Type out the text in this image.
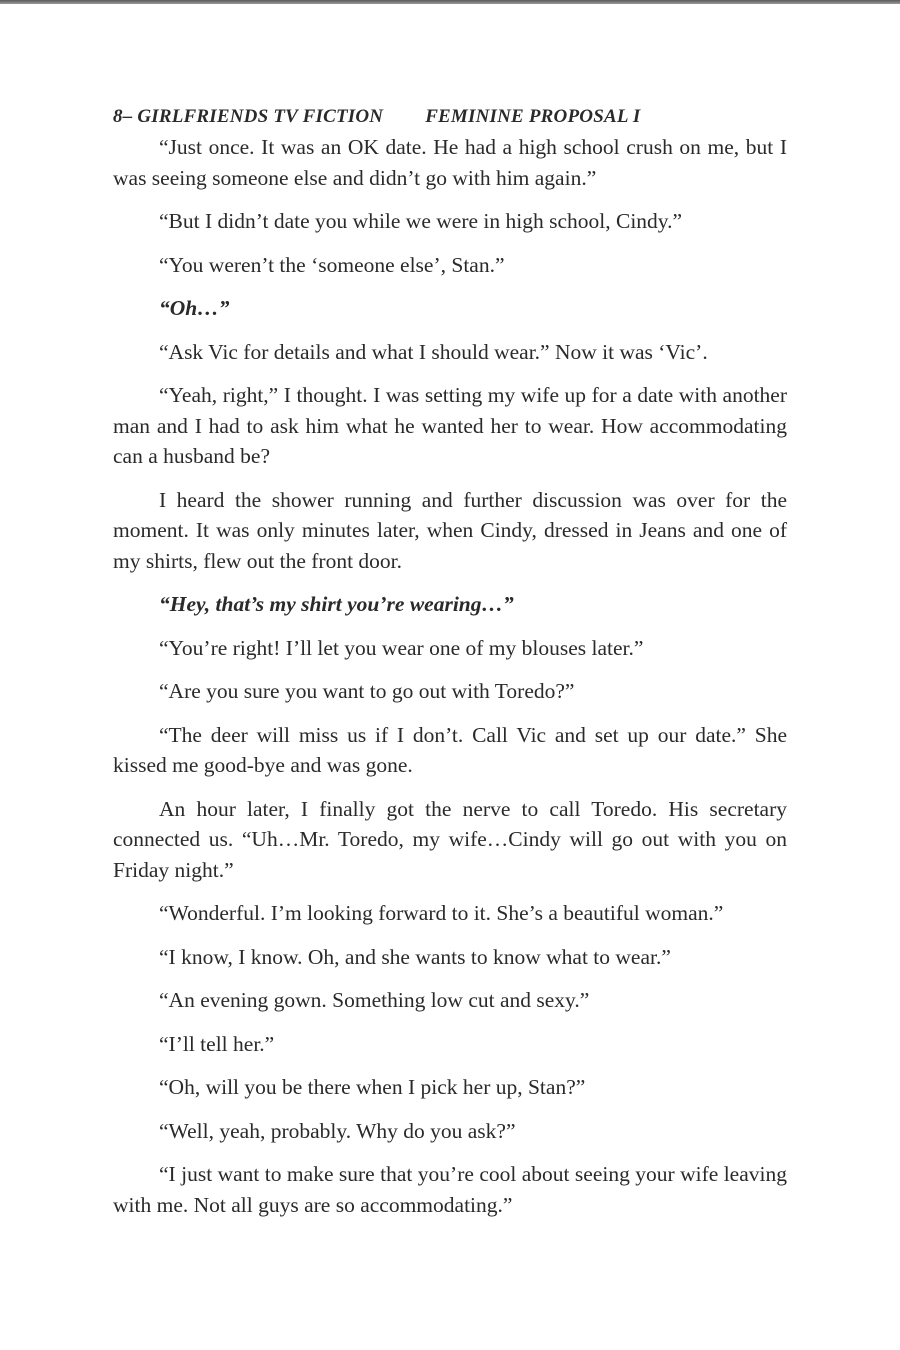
8– GIRLFRIENDS TV FICTION FEMININE PROPOSAL I

“Just once. It was an OK date. He had a high school crush on me, but I was seeing someone else and didn’t go with him again.”

“But I didn’t date you while we were in high school, Cindy.”

“You weren’t the ‘someone else’, Stan.”

“Oh…”

“Ask Vic for details and what I should wear.” Now it was ‘Vic’.

“Yeah, right,” I thought. I was setting my wife up for a date with another man and I had to ask him what he wanted her to wear. How accommodating can a husband be?

I heard the shower running and further discussion was over for the moment. It was only minutes later, when Cindy, dressed in Jeans and one of my shirts, flew out the front door.

“Hey, that’s my shirt you’re wearing…”

“You’re right! I’ll let you wear one of my blouses later.”

“Are you sure you want to go out with Toredo?”

“The deer will miss us if I don’t. Call Vic and set up our date.” She kissed me good-bye and was gone.

An hour later, I finally got the nerve to call Toredo. His secretary connected us. “Uh…Mr. Toredo, my wife…Cindy will go out with you on Friday night.”

“Wonderful. I’m looking forward to it. She’s a beautiful woman.”

“I know, I know. Oh, and she wants to know what to wear.”

“An evening gown. Something low cut and sexy.”

“I’ll tell her.”

“Oh, will you be there when I pick her up, Stan?”

“Well, yeah, probably. Why do you ask?”

“I just want to make sure that you’re cool about seeing your wife leaving with me. Not all guys are so accommodating.”
